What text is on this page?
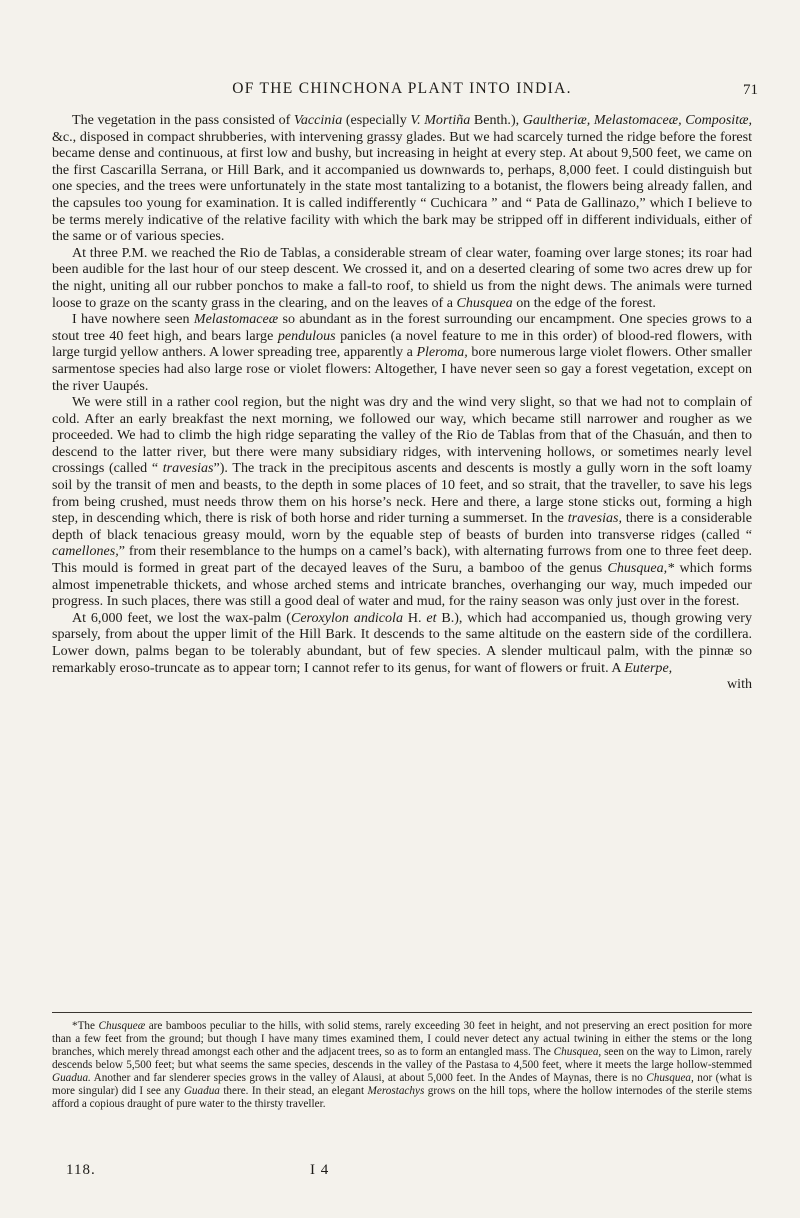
OF THE CHINCHONA PLANT INTO INDIA.	71

The vegetation in the pass consisted of Vaccinia (especially V. Mortiña Benth.), Gaultheriæ, Melastomaceæ, Compositæ, &c., disposed in compact shrubberies, with intervening grassy glades. But we had scarcely turned the ridge before the forest became dense and continuous, at first low and bushy, but increasing in height at every step. At about 9,500 feet, we came on the first Cascarilla Serrana, or Hill Bark, and it accompanied us downwards to, perhaps, 8,000 feet. I could distinguish but one species, and the trees were unfortunately in the state most tantalizing to a botanist, the flowers being already fallen, and the capsules too young for examination. It is called indifferently “ Cuchicara ” and “ Pata de Gallinazo,” which I believe to be terms merely indicative of the relative facility with which the bark may be stripped off in different individuals, either of the same or of various species.

At three P.M. we reached the Rio de Tablas, a considerable stream of clear water, foaming over large stones; its roar had been audible for the last hour of our steep descent. We crossed it, and on a deserted clearing of some two acres drew up for the night, uniting all our rubber ponchos to make a fall-to roof, to shield us from the night dews. The animals were turned loose to graze on the scanty grass in the clearing, and on the leaves of a Chusquea on the edge of the forest.

I have nowhere seen Melastomaceæ so abundant as in the forest surrounding our encampment. One species grows to a stout tree 40 feet high, and bears large pendulous panicles (a novel feature to me in this order) of blood-red flowers, with large turgid yellow anthers. A lower spreading tree, apparently a Pleroma, bore numerous large violet flowers. Other smaller sarmentose species had also large rose or violet flowers: Altogether, I have never seen so gay a forest vegetation, except on the river Uaupés.

We were still in a rather cool region, but the night was dry and the wind very slight, so that we had not to complain of cold. After an early breakfast the next morning, we followed our way, which became still narrower and rougher as we proceeded. We had to climb the high ridge separating the valley of the Rio de Tablas from that of the Chasuán, and then to descend to the latter river, but there were many subsidiary ridges, with intervening hollows, or sometimes nearly level crossings (called “ travesias”). The track in the precipitous ascents and descents is mostly a gully worn in the soft loamy soil by the transit of men and beasts, to the depth in some places of 10 feet, and so strait, that the traveller, to save his legs from being crushed, must needs throw them on his horse’s neck. Here and there, a large stone sticks out, forming a high step, in descending which, there is risk of both horse and rider turning a summerset. In the travesias, there is a considerable depth of black tenacious greasy mould, worn by the equable step of beasts of burden into transverse ridges (called “ camellones,” from their resemblance to the humps on a camel’s back), with alternating furrows from one to three feet deep. This mould is formed in great part of the decayed leaves of the Suru, a bamboo of the genus Chusquea,* which forms almost impenetrable thickets, and whose arched stems and intricate branches, overhanging our way, much impeded our progress. In such places, there was still a good deal of water and mud, for the rainy season was only just over in the forest.

At 6,000 feet, we lost the wax-palm (Ceroxylon andicola H. et B.), which had accompanied us, though growing very sparsely, from about the upper limit of the Hill Bark. It descends to the same altitude on the eastern side of the cordillera. Lower down, palms began to be tolerably abundant, but of few species. A slender multicaul palm, with the pinnæ so remarkably eroso-truncate as to appear torn; I cannot refer to its genus, for want of flowers or fruit. A Euterpe,

with

*The Chusqueæ are bamboos peculiar to the hills, with solid stems, rarely exceeding 30 feet in height, and not preserving an erect position for more than a few feet from the ground; but though I have many times examined them, I could never detect any actual twining in either the stems or the long branches, which merely thread amongst each other and the adjacent trees, so as to form an entangled mass. The Chusquea, seen on the way to Limon, rarely descends below 5,500 feet; but what seems the same species, descends in the valley of the Pastasa to 4,500 feet, where it meets the large hollow-stemmed Guadua. Another and far slenderer species grows in the valley of Alausi, at about 5,000 feet. In the Andes of Maynas, there is no Chusquea, nor (what is more singular) did I see any Guadua there. In their stead, an elegant Merostachys grows on the hill tops, where the hollow internodes of the sterile stems afford a copious draught of pure water to the thirsty traveller.

118.	I 4
